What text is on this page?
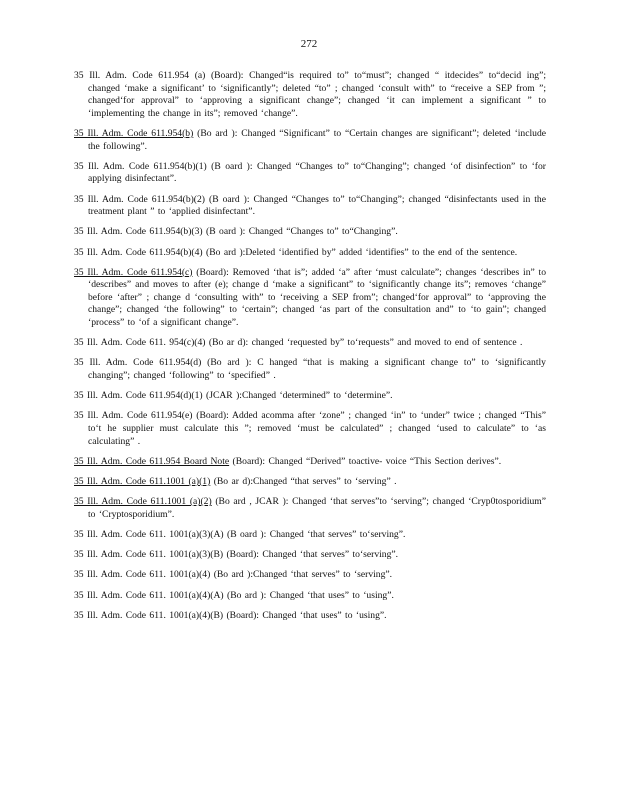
272

35 Ill. Adm. Code 611.954 (a) (Board): Changed“is required to” to“must”; changed “ itdecides” to“decid ing”; changed ‘make a significant’ to ‘significantly”; deleted “to” ; changed ‘consult with” to “receive a SEP from ”; changed‘for approval” to ‘approving a significant change”; changed ‘it can implement a significant ” to ‘implementing the change in its”; removed ‘change”.

35 Ill. Adm. Code 611.954(b) (Bo ard ): Changed “Significant” to “Certain changes are significant”; deleted ‘include the following”.

35 Ill. Adm. Code 611.954(b)(1) (B oard ): Changed “Changes to” to“Changing”; changed ‘of disinfection” to ‘for applying disinfectant”.

35 Ill. Adm. Code 611.954(b)(2) (B oard ): Changed “Changes to” to“Changing”; changed “disinfectants used in the treatment plant ” to ‘applied disinfectant”.

35 Ill. Adm. Code 611.954(b)(3) (B oard ): Changed “Changes to” to“Changing”.

35 Ill. Adm. Code 611.954(b)(4) (Bo ard ):Deleted ‘identified by” added ‘identifies” to the end of the sentence.

35 Ill. Adm. Code 611.954(c) (Board): Removed ‘that is”; added ‘a” after ‘must calculate”; changes ‘describes in” to ‘describes” and moves to after (e); change d ‘make a significant” to ‘significantly change its”; removes ‘change” before ‘after” ; change d ‘consulting with” to ‘receiving a SEP from”; changed‘for approval” to ‘approving the change”; changed ‘the following” to ‘certain”; changed ‘as part of the consultation and” to ‘to gain”; changed ‘process” to ‘of a significant change”.

35 Ill. Adm. Code 611. 954(c)(4) (Bo ar d): changed ‘requested by” to‘requests” and moved to end of sentence .

35 Ill. Adm. Code 611.954(d) (Bo ard ): C hanged “that is making a significant change to” to ‘significantly changing”; changed ‘following” to ‘specified” .

35 Ill. Adm. Code 611.954(d)(1) (JCAR ):Changed ‘determined” to ‘determine”.

35 Ill. Adm. Code 611.954(e) (Board): Added acomma after ‘zone” ; changed ‘in” to ‘under” twice ; changed “This” to‘t he supplier must calculate this ”; removed ‘must be calculated” ; changed ‘used to calculate” to ‘as calculating” .

35 Ill. Adm. Code 611.954 Board Note (Board): Changed “Derived” toactive- voice “This Section derives”.

35 Ill. Adm. Code 611.1001 (a)(1) (Bo ar d):Changed “that serves” to ‘serving” .

35 Ill. Adm. Code 611.1001 (a)(2) (Bo ard , JCAR ): Changed ‘that serves”to ‘serving”; changed ‘Cryp0tosporidium” to ‘Cryptosporidium”.

35 Ill. Adm. Code 611. 1001(a)(3)(A) (B oard ): Changed ‘that serves” to‘serving”.

35 Ill. Adm. Code 611. 1001(a)(3)(B) (Board): Changed ‘that serves” to‘serving”.

35 Ill. Adm. Code 611. 1001(a)(4) (Bo ard ):Changed ‘that serves” to ‘serving”.

35 Ill. Adm. Code 611. 1001(a)(4)(A) (Bo ard ): Changed ‘that uses” to ‘using”.

35 Ill. Adm. Code 611. 1001(a)(4)(B) (Board): Changed ‘that uses” to ‘using”.
